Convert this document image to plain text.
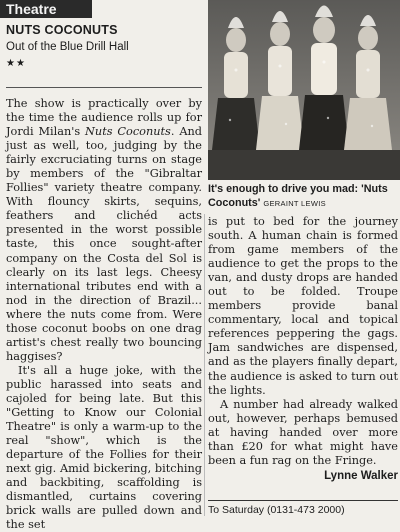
Theatre
NUTS COCONUTS
Out of the Blue Drill Hall
★★

The show is practically over by the time the audience rolls up for Jordi Milan's Nuts Coconuts. And just as well, too, judging by the fairly excruciating turns on stage by members of the "Gibraltar Follies" variety theatre company. With flouncy skirts, sequins, feathers and clichéd acts presented in the worst possible taste, this once sought-after company on the Costa del Sol is clearly on its last legs. Cheesy international tributes end with a nod in the direction of Brazil... where the nuts come from. Were those coconut boobs on one drag artist's chest really two bouncing haggises?

It's all a huge joke, with the public harassed into seats and cajoled for being late. But this "Getting to Know our Colonial Theatre" is only a warm-up to the real "show", which is the departure of the Follies for their next gig. Amid bickering, bitching and backbiting, scaffolding is dismantled, curtains covering brick walls are pulled down and the set

It's enough to drive you mad: 'Nuts Coconuts' GERAINT LEWIS

is put to bed for the journey south. A human chain is formed from game members of the audience to get the props to the van, and dusty drops are handed out to be folded. Troupe members provide banal commentary, local and topical references peppering the gags. Jam sandwiches are dispensed, and as the players finally depart, the audience is asked to turn out the lights.

A number had already walked out, however, perhaps bemused at having handed over more than £20 for what might have been a fun rag on the Fringe.

Lynne Walker
To Saturday (0131-473 2000)
